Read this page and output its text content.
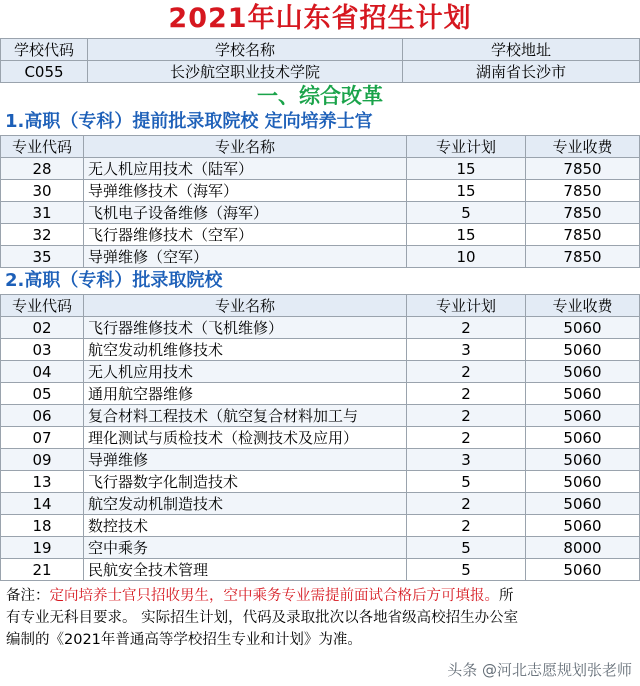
2021年山东省招生计划
学校代码	学校名称	学校地址
C055	长沙航空职业技术学院	湖南省长沙市
一、综合改革
1.高职（专科）提前批录取院校 定向培养士官
专业代码	专业名称	专业计划	专业收费
28	无人机应用技术（陆军）	15	7850
30	导弹维修技术（海军）	15	7850
31	飞机电子设备维修（海军）	5	7850
32	飞行器维修技术（空军）	15	7850
35	导弹维修（空军）	10	7850
2.高职（专科）批录取院校
专业代码	专业名称	专业计划	专业收费
02	飞行器维修技术（飞机维修）	2	5060
03	航空发动机维修技术	3	5060
04	无人机应用技术	2	5060
05	通用航空器维修	2	5060
06	复合材料工程技术（航空复合材料加工与	2	5060
07	理化测试与质检技术（检测技术及应用）	2	5060
09	导弹维修	3	5060
13	飞行器数字化制造技术	5	5060
14	航空发动机制造技术	2	5060
18	数控技术	2	5060
19	空中乘务	5	8000
21	民航安全技术管理	5	5060
备注：定向培养士官只招收男生，空中乘务专业需提前面试合格后方可填报。所
有专业无科目要求。 实际招生计划，代码及录取批次以各地省级高校招生办公室
编制的《2021年普通高等学校招生专业和计划》为准。
头条 @河北志愿规划张老师
